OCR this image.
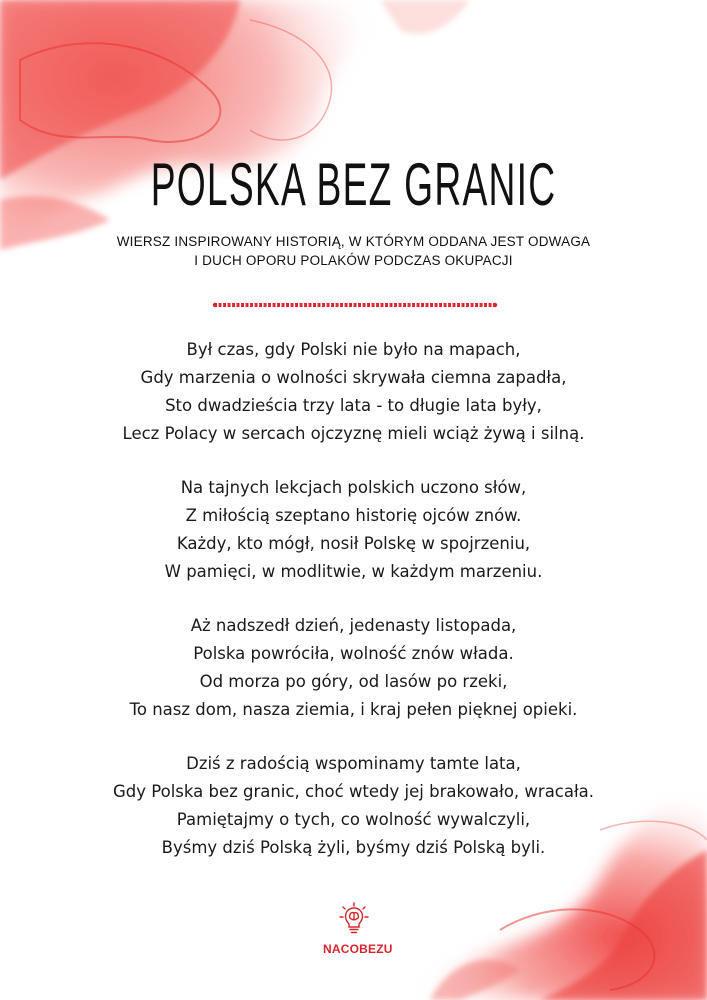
POLSKA BEZ GRANIC
WIERSZ INSPIROWANY HISTORIĄ, W KTÓRYM ODDANA JEST ODWAGA
I DUCH OPORU POLAKÓW PODCZAS OKUPACJI
Był czas, gdy Polski nie było na mapach,
Gdy marzenia o wolności skrywała ciemna zapadła,
Sto dwadzieścia trzy lata - to długie lata były,
Lecz Polacy w sercach ojczyznę mieli wciąż żywą i silną.
Na tajnych lekcjach polskich uczono słów,
Z miłością szeptano historię ojców znów.
Każdy, kto mógł, nosił Polskę w spojrzeniu,
W pamięci, w modlitwie, w każdym marzeniu.
Aż nadszedł dzień, jedenasty listopada,
Polska powróciła, wolność znów włada.
Od morza po góry, od lasów po rzeki,
To nasz dom, nasza ziemia, i kraj pełen pięknej opieki.
Dziś z radością wspominamy tamte lata,
Gdy Polska bez granic, choć wtedy jej brakowało, wracała.
Pamiętajmy o tych, co wolność wywalczyli,
Byśmy dziś Polską żyli, byśmy dziś Polską byli.
NACOBEZU
